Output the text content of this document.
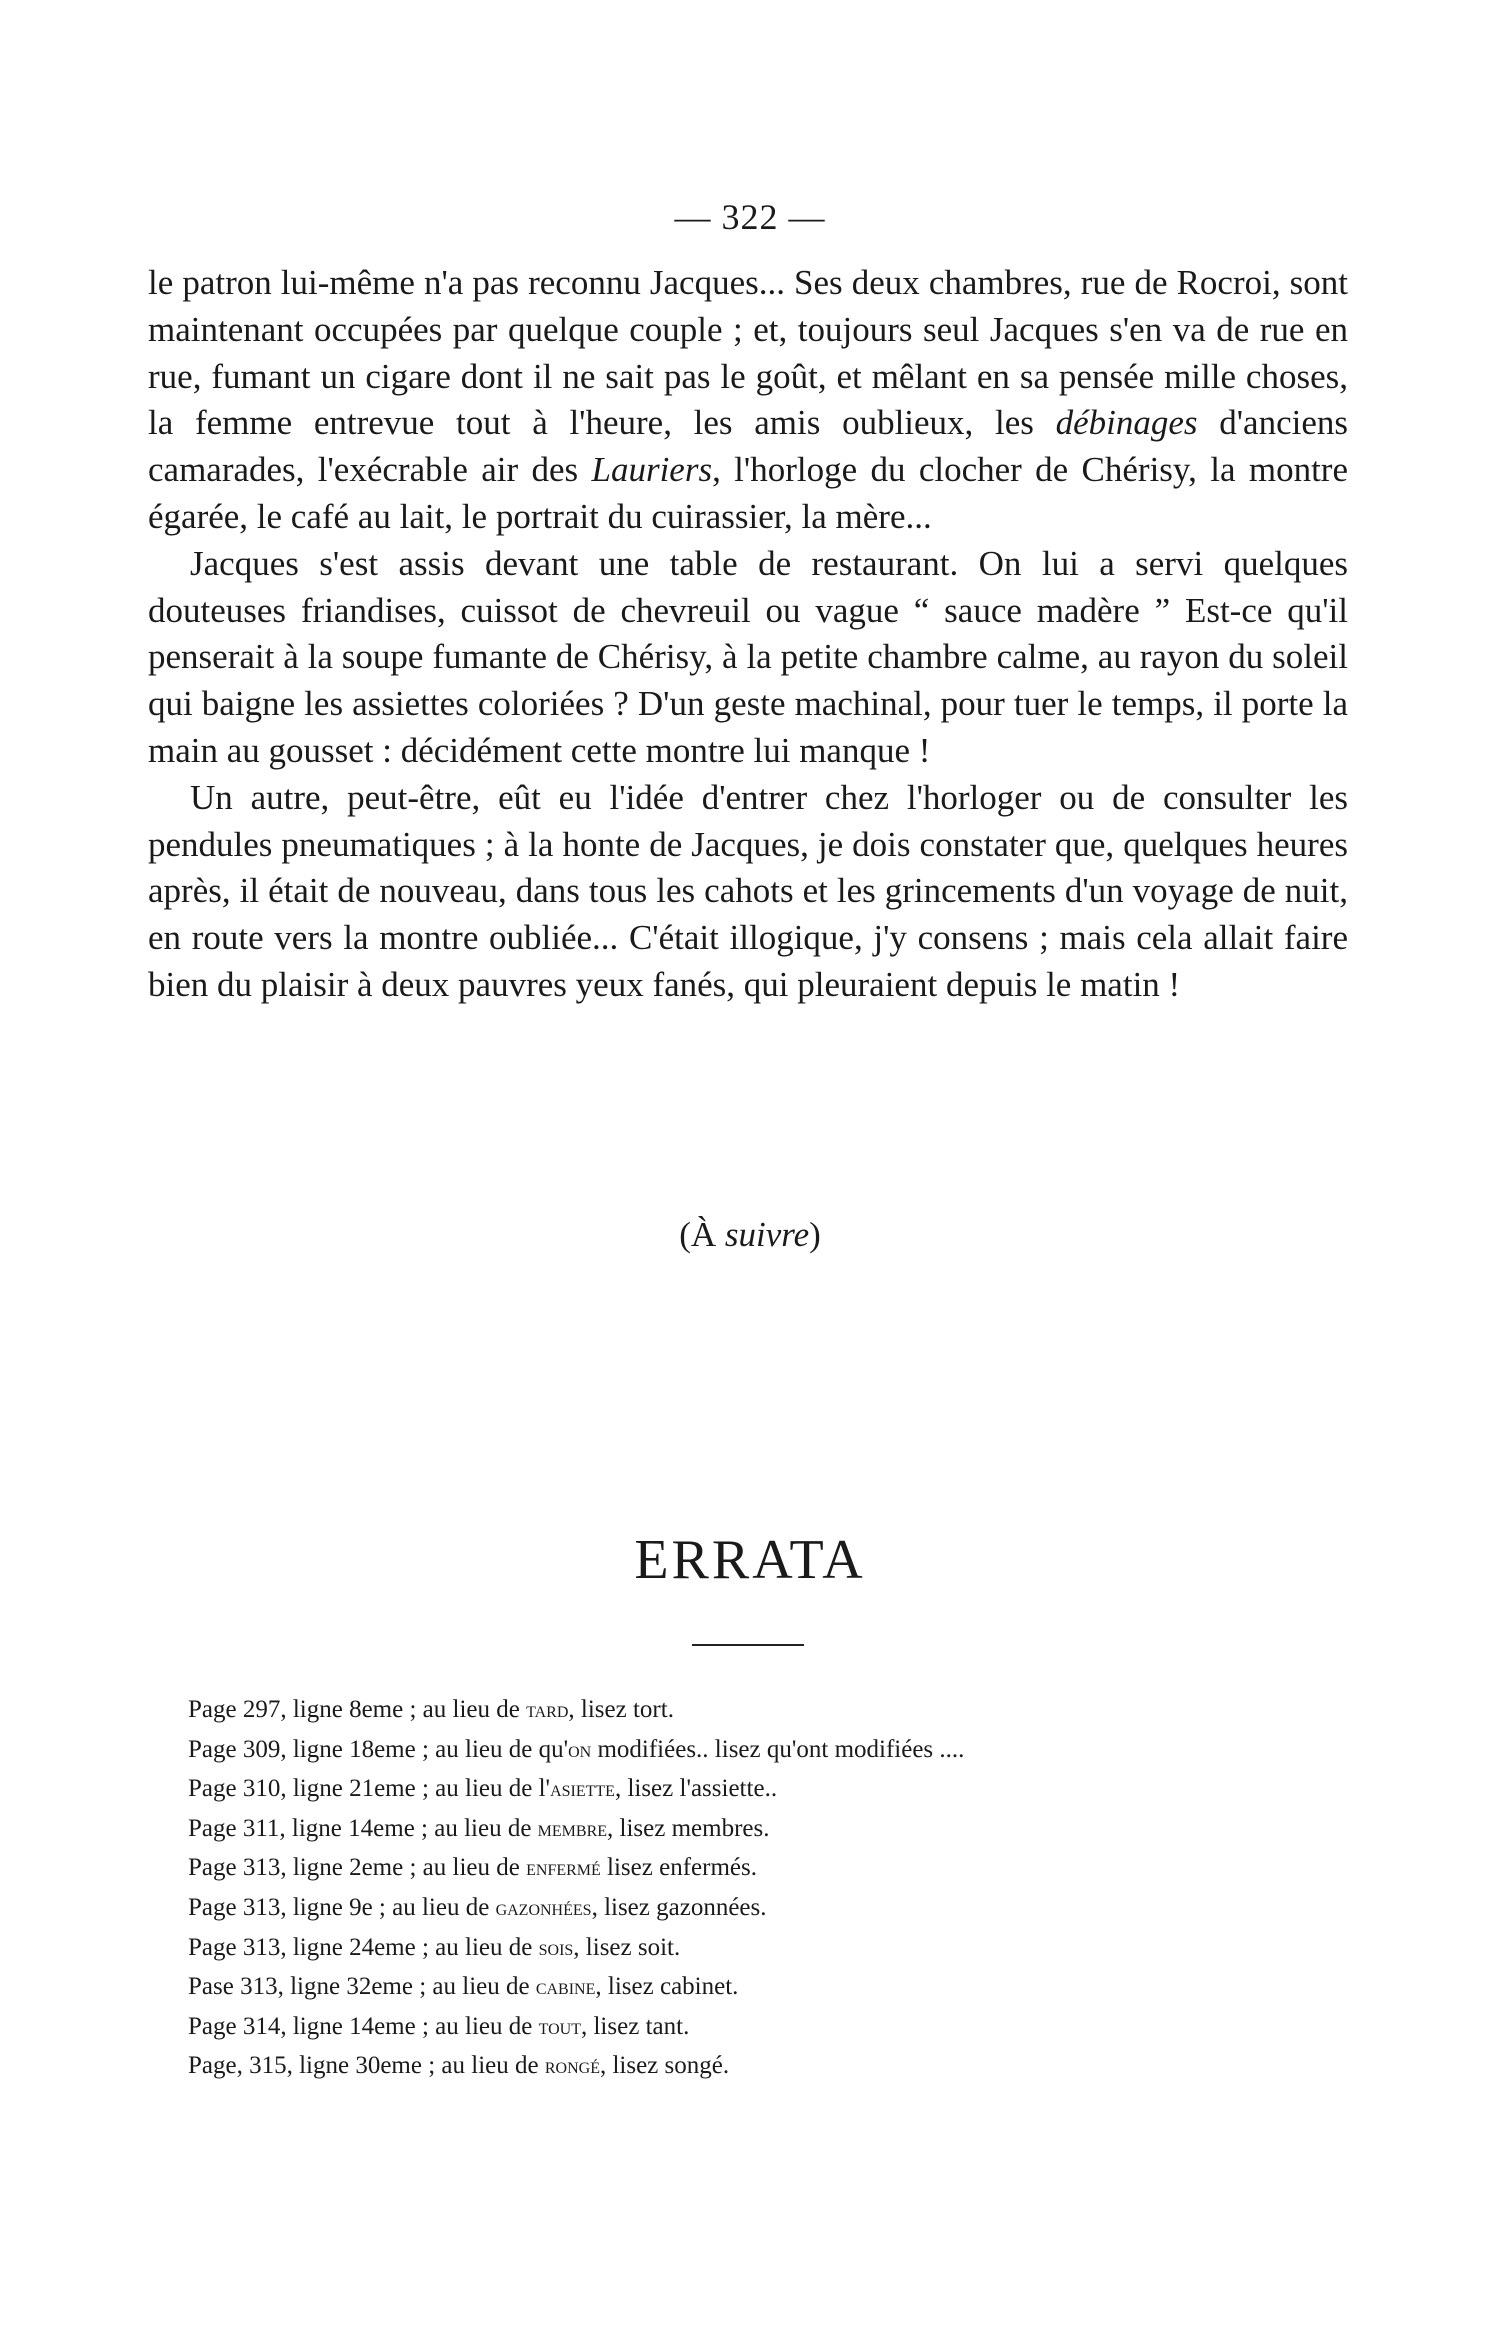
— 322 —

le patron lui-même n'a pas reconnu Jacques... Ses deux chambres, rue de Rocroi, sont maintenant occupées par quelque couple ; et, toujours seul Jacques s'en va de rue en rue, fumant un cigare dont il ne sait pas le goût, et mêlant en sa pensée mille choses, la femme entrevue tout à l'heure, les amis oublieux, les débinages d'anciens camarades, l'exécrable air des Lauriers, l'horloge du clocher de Chérisy, la montre égarée, le café au lait, le portrait du cuirassier, la mère...

Jacques s'est assis devant une table de restaurant. On lui a servi quelques douteuses friandises, cuissot de chevreuil ou vague “ sauce madère ” Est-ce qu'il penserait à la soupe fumante de Chérisy, à la petite chambre calme, au rayon du soleil qui baigne les assiettes coloriées ? D'un geste machinal, pour tuer le temps, il porte la main au gousset : décidément cette montre lui manque !

Un autre, peut-être, eût eu l'idée d'entrer chez l'horloger ou de consulter les pendules pneumatiques ; à la honte de Jacques, je dois constater que, quelques heures après, il était de nouveau, dans tous les cahots et les grincements d'un voyage de nuit, en route vers la montre oubliée... C'était illogique, j'y consens ; mais cela allait faire bien du plaisir à deux pauvres yeux fanés, qui pleuraient depuis le matin !

(À suivre)
ERRATA
Page 297, ligne 8eme ; au lieu de tard, lisez tort.
Page 309, ligne 18eme ; au lieu de qu'on modifiées.. lisez qu'ont modifiées ....
Page 310, ligne 21eme ; au lieu de l'asiette, lisez l'assiette..
Page 311, ligne 14eme ; au lieu de membre, lisez membres.
Page 313, ligne 2eme ; au lieu de enfermé lisez enfermés.
Page 313, ligne 9e ; au lieu de gazonhées, lisez gazonnées.
Page 313, ligne 24eme ; au lieu de sois, lisez soit.
Pase 313, ligne 32eme ; au lieu de cabine, lisez cabinet.
Page 314, ligne 14eme ; au lieu de tout, lisez tant.
Page, 315, ligne 30eme ; au lieu de rongé, lisez songé.
